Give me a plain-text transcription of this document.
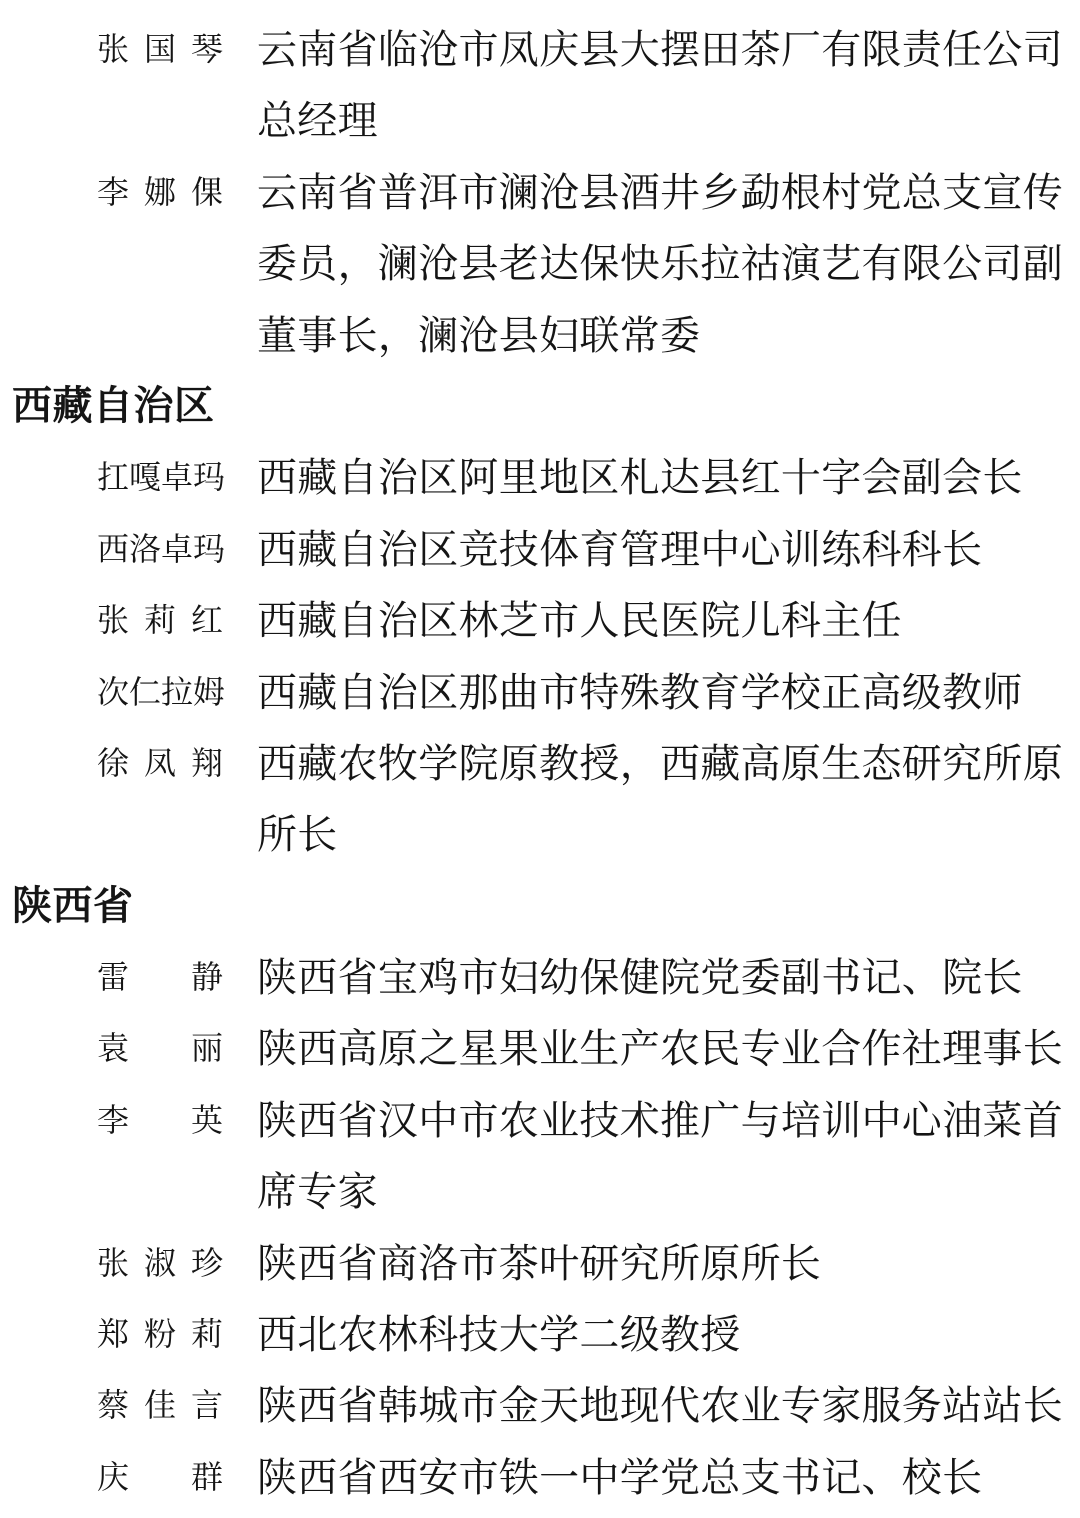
张 国 琴 云南省临沧市凤庆县大摆田茶厂有限责任公司
总经理
李 娜 倮 云南省普洱市澜沧县酒井乡勐根村党总支宣传
委员，澜沧县老达保快乐拉祜演艺有限公司副
董事长，澜沧县妇联常委
西藏自治区
扛 嘎 卓 玛 西藏自治区阿里地区札达县红十字会副会长
西 洛 卓 玛 西藏自治区竞技体育管理中心训练科科长
张 莉 红 西藏自治区林芝市人民医院儿科主任
次 仁 拉 姆 西藏自治区那曲市特殊教育学校正高级教师
徐 凤 翔 西藏农牧学院原教授，西藏高原生态研究所原
所长
陕西省
雷 静 陕西省宝鸡市妇幼保健院党委副书记、院长
袁 丽 陕西高原之星果业生产农民专业合作社理事长
李 英 陕西省汉中市农业技术推广与培训中心油菜首
席专家
张 淑 珍 陕西省商洛市茶叶研究所原所长
郑 粉 莉 西北农林科技大学二级教授
蔡 佳 言 陕西省韩城市金天地现代农业专家服务站站长
庆 群 陕西省西安市铁一中学党总支书记、校长
